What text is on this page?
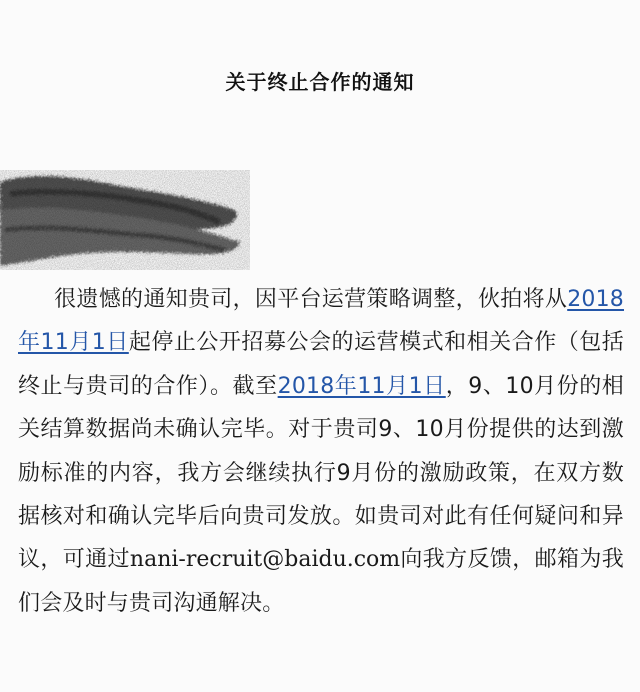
关于终止合作的通知
很遗憾的通知贵司，因平台运营策略调整，伙拍将从2018年11月1日起停止公开招募公会的运营模式和相关合作（包括终止与贵司的合作）。截至2018年11月1日，9、10月份的相关结算数据尚未确认完毕。对于贵司9、10月份提供的达到激励标准的内容，我方会继续执行9月份的激励政策，在双方数据核对和确认完毕后向贵司发放。如贵司对此有任何疑问和异议，可通过nani-recruit@baidu.com向我方反馈，邮箱为我们会及时与贵司沟通解决。
